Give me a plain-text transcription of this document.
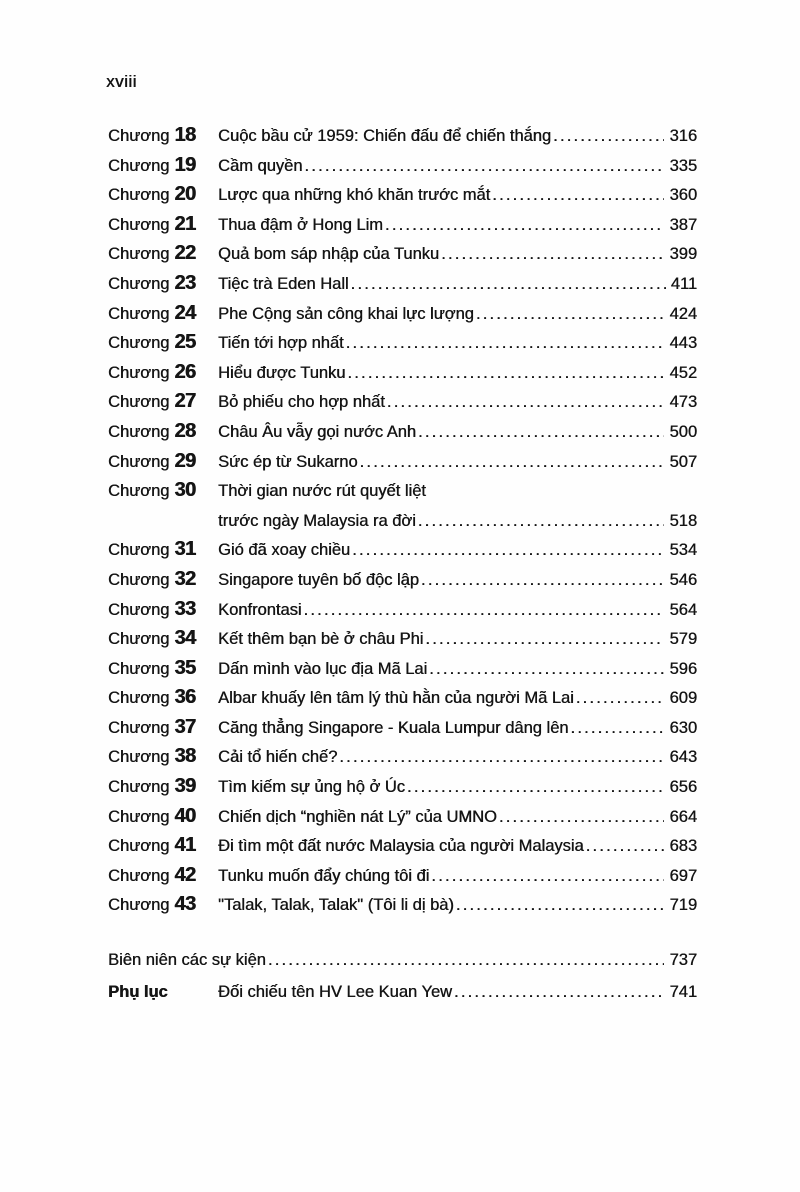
xviii
Chương 18	Cuộc bầu cử 1959: Chiến đấu để chiến thắng .....	316
Chương 19	Cầm quyền .....	335
Chương 20	Lược qua những khó khăn trước mắt .....	360
Chương 21	Thua đậm ở Hong Lim .....	387
Chương 22	Quả bom sáp nhập của Tunku .....	399
Chương 23	Tiệc trà Eden Hall .....	411
Chương 24	Phe Cộng sản công khai lực lượng .....	424
Chương 25	Tiến tới hợp nhất .....	443
Chương 26	Hiểu được Tunku .....	452
Chương 27	Bỏ phiếu cho hợp nhất .....	473
Chương 28	Châu Âu vẫy gọi nước Anh .....	500
Chương 29	Sức ép từ Sukarno .....	507
Chương 30	Thời gian nước rút quyết liệt
trước ngày Malaysia ra đời .....	518
Chương 31	Gió đã xoay chiều .....	534
Chương 32	Singapore tuyên bố độc lập .....	546
Chương 33	Konfrontasi .....	564
Chương 34	Kết thêm bạn bè ở châu Phi .....	579
Chương 35	Dấn mình vào lục địa Mã Lai .....	596
Chương 36	Albar khuấy lên tâm lý thù hằn của người Mã Lai .....	609
Chương 37	Căng thẳng Singapore - Kuala Lumpur dâng lên .....	630
Chương 38	Cải tổ hiến chế? .....	643
Chương 39	Tìm kiếm sự ủng hộ ở Úc .....	656
Chương 40	Chiến dịch “nghiền nát Lý” của UMNO .....	664
Chương 41	Đi tìm một đất nước Malaysia của người Malaysia .....	683
Chương 42	Tunku muốn đẩy chúng tôi đi .....	697
Chương 43	"Talak, Talak, Talak" (Tôi li dị bà) .....	719
Biên niên các sự kiện .....	737
Phụ lục	Đối chiếu tên HV Lee Kuan Yew .....	741
